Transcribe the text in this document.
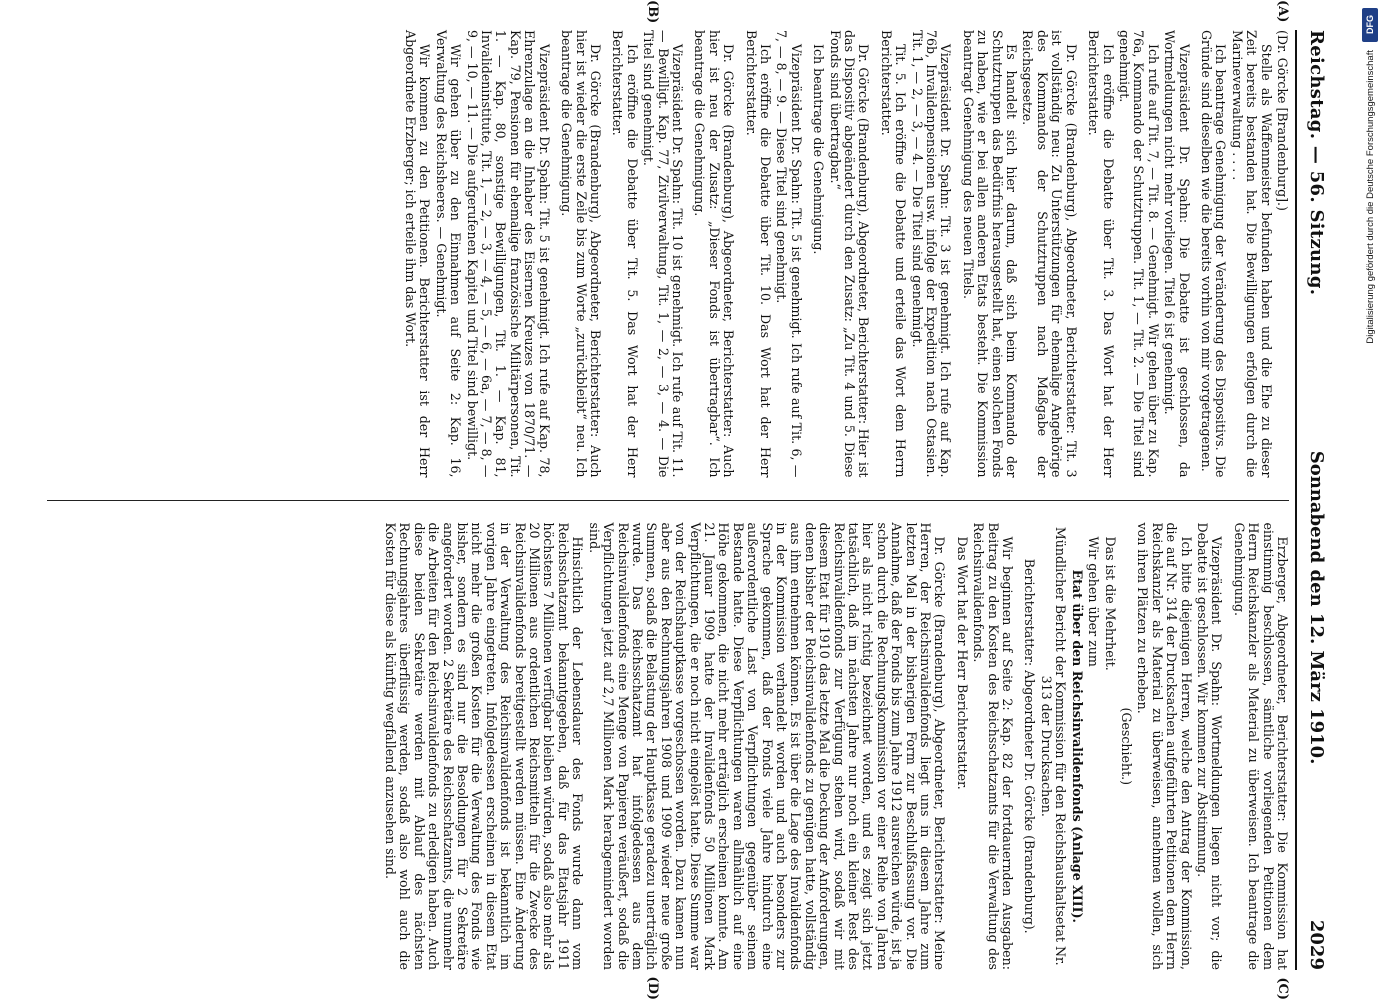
Reichstag. — 56. Sitzung.
Sonnabend den 12. März 1910.
2029
(A)
(B)

(Dr. Görcke [Brandenburg].)

Stelle als Waffenmeister befunden haben und die Ehe zu dieser Zeit bereits bestanden hat. Die Bewilligungen erfolgen durch die Marineverwaltung . . . .

Ich beantrage Genehmigung der Veränderung des Dispositivs. Die Gründe sind dieselben wie die bereits vorhin von mir vorgetragenen.

Vizepräsident Dr. Spahn: Die Debatte ist geschlossen, da Wortmeldungen nicht mehr vorliegen. Titel 6 ist genehmigt.

Ich rufe auf Tit. 7, — Tit. 8. — Genehmigt. Wir gehen über zu Kap. 76a, Kommando der Schutztruppen. Tit. 1, — Tit. 2. — Die Titel sind genehmigt.

Ich eröffne die Debatte über Tit. 3. Das Wort hat der Herr Berichterstatter.

Dr. Görcke (Brandenburg), Abgeordneter, Berichterstatter: Tit. 3 ist vollständig neu: Zu Unterstützungen für ehemalige Angehörige des Kommandos der Schutztruppen nach Maßgabe der Reichsgesetze.

Es handelt sich hier darum, daß sich beim Kommando der Schutztruppen das Bedürfnis herausgestellt hat, einen solchen Fonds zu haben, wie er bei allen anderen Etats besteht. Die Kommission beantragt Genehmigung des neuen Titels.

Vizepräsident Dr. Spahn: Tit. 3 ist genehmigt. Ich rufe auf Kap. 76b, Invalidenpensionen usw. infolge der Expedition nach Ostasien. Tit. 1, — 2, — 3, — 4. — Die Titel sind genehmigt.

Tit. 5. Ich eröffne die Debatte und erteile das Wort dem Herrn Berichterstatter.

Dr. Görcke (Brandenburg), Abgeordneter, Berichterstatter: Hier ist das Dispositiv abgeändert durch den Zusatz: „Zu Tit. 4 und 5. Diese Fonds sind übertragbar.“

Ich beantrage die Genehmigung.

Vizepräsident Dr. Spahn: Tit. 5 ist genehmigt. Ich rufe auf Tit. 6, — 7, — 8, — 9. — Diese Titel sind genehmigt.

Ich eröffne die Debatte über Tit. 10. Das Wort hat der Herr Berichterstatter.

Dr. Görcke (Brandenburg), Abgeordneter, Berichterstatter: Auch hier ist neu der Zusatz: „Dieser Fonds ist übertragbar“. Ich beantrage die Genehmigung.

Vizepräsident Dr. Spahn: Tit. 10 ist genehmigt. Ich rufe auf Tit. 11. — Bewilligt. Kap. 77, Zivilverwaltung, Tit. 1, — 2, — 3, — 4. — Die Titel sind genehmigt.

Ich eröffne die Debatte über Tit. 5. Das Wort hat der Herr Berichterstatter.

Dr. Görcke (Brandenburg), Abgeordneter, Berichterstatter: Auch hier ist wieder die erste Zeile bis zum Worte „zurückbleibt“ neu. Ich beantrage die Genehmigung.

Vizepräsident Dr. Spahn: Tit. 5 ist genehmigt. Ich rufe auf Kap. 78, Ehrenzulage an die Inhaber des Eisernen Kreuzes von 1870/71. — Kap. 79, Pensionen für ehemalige französische Militärpersonen, Tit. 1. — Kap. 80, sonstige Bewilligungen, Tit. 1. — Kap. 81, Invalideninstitute, Tit. 1, — 2, — 3, — 4, — 5, — 6, — 6a, — 7, — 8, — 9, — 10, — 11. — Die aufgerufenen Kapitel und Titel sind bewilligt.

Wir gehen über zu den Einnahmen auf Seite 2: Kap. 16, Verwaltung des Reichsheeres. — Genehmigt.

Wir kommen zu den Petitionen. Berichterstatter ist der Herr Abgeordnete Erzberger; ich erteile ihm das Wort.

(C)
(D)

Erzberger, Abgeordneter, Berichterstatter: Die Kommission hat einstimmig beschlossen, sämtliche vorliegenden Petitionen dem Herrn Reichskanzler als Material zu überweisen. Ich beantrage die Genehmigung.

Vizepräsident Dr. Spahn: Wortmeldungen liegen nicht vor; die Debatte ist geschlossen. Wir kommen zur Abstimmung.

Ich bitte diejenigen Herren, welche den Antrag der Kommission, die auf Nr. 314 der Drucksachen aufgeführten Petitionen dem Herrn Reichskanzler als Material zu überweisen, annehmen wollen, sich von ihren Plätzen zu erheben.

(Geschieht.)

Das ist die Mehrheit.

Wir gehen über zum

Etat über den Reichsinvalidenfonds (Anlage XIII).

Mündlicher Bericht der Kommission für den Reichshaushaltsetat Nr. 313 der Drucksachen.

Berichterstatter: Abgeordneter Dr. Görcke (Brandenburg).

Wir beginnen auf Seite 2: Kap. 82 der fortdauernden Ausgaben: Beitrag zu den Kosten des Reichsschatzamts für die Verwaltung des Reichsinvalidenfonds.

Das Wort hat der Herr Berichterstatter.

Dr. Görcke (Brandenburg), Abgeordneter, Berichterstatter: Meine Herren, der Reichsinvalidenfonds liegt uns in diesem Jahre zum letzten Mal in der bisherigen Form zur Beschlußfassung vor. Die Annahme, daß der Fonds bis zum Jahre 1912 ausreichen würde, ist ja schon durch die Rechnungskommission vor einer Reihe von Jahren hier als nicht richtig bezeichnet worden, und es zeigt sich jetzt tatsächlich, daß im nächsten Jahre nur noch ein kleiner Rest des Reichsinvalidenfonds zur Verfügung stehen wird, sodaß wir mit diesem Etat für 1910 das letzte Mal die Deckung der Anforderungen, denen bisher der Reichsinvalidenfonds zu genügen hatte, vollständig aus ihm entnehmen können. Es ist über die Lage des Invalidenfonds in der Kommission verhandelt worden und auch besonders zur Sprache gekommen, daß der Fonds viele Jahre hindurch eine außerordentliche Last von Verpflichtungen gegenüber seinem Bestande hatte. Diese Verpflichtungen waren allmählich auf eine Höhe gekommen, die nicht mehr erträglich erscheinen konnte. Am 21. Januar 1909 hatte der Invalidenfonds 50 Millionen Mark Verpflichtungen, die er noch nicht eingelöst hatte. Diese Summe war von der Reichshauptkasse vorgeschossen worden. Dazu kamen nun aber aus den Rechnungsjahren 1908 und 1909 wieder neue große Summen, sodaß die Belastung der Hauptkasse geradezu unerträglich wurde. Das Reichsschatzamt hat infolgedessen aus dem Reichsinvalidenfonds eine Menge von Papieren veräußert, sodaß die Verpflichtungen jetzt auf 2,7 Millionen Mark herabgemindert worden sind.

Hinsichtlich der Lebensdauer des Fonds wurde dann vom Reichsschatzamt bekanntgegeben, daß für das Etatsjahr 1911 höchstens 7 Millionen verfügbar bleiben würden, sodaß also mehr als 20 Millionen aus ordentlichen Reichsmitteln für die Zwecke des Reichsinvalidenfonds bereitgestellt werden müssen. Eine Änderung in der Verwaltung des Reichsinvalidenfonds ist bekanntlich im vorigen Jahre eingetreten. Infolgedessen erscheinen in diesem Etat nicht mehr die großen Kosten für die Verwaltung des Fonds wie bisher, sondern es sind nur die Besoldungen für 2 Sekretäre angefordert worden. 2 Sekretäre des Reichsschatzamts, die nunmehr die Arbeiten für den Reichsinvalidenfonds zu erledigen haben. Auch diese beiden Sekretäre werden mit Ablauf des nächsten Rechnungsjahres überflüssig werden, sodaß also wohl auch die Kosten für diese als künftig wegfallend anzusehen sind.

DFG
Digitalisierung gefördert durch die Deutsche Forschungsgemeinschaft
